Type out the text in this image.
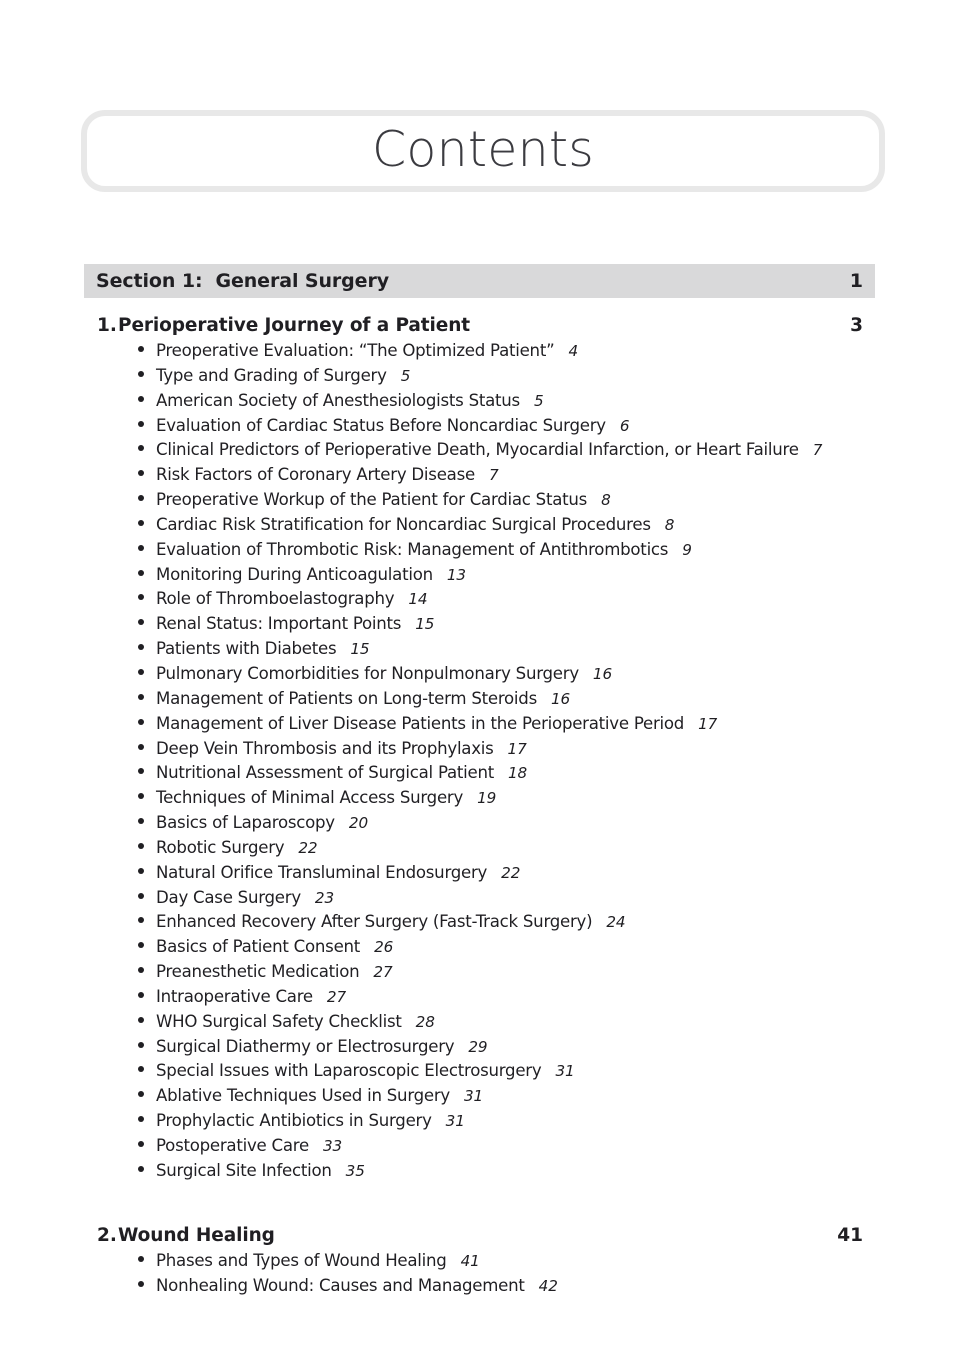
Contents
Section 1:  General Surgery	1
1. Perioperative Journey of a Patient	3
Preoperative Evaluation: “The Optimized Patient” 4
Type and Grading of Surgery 5
American Society of Anesthesiologists Status 5
Evaluation of Cardiac Status Before Noncardiac Surgery 6
Clinical Predictors of Perioperative Death, Myocardial Infarction, or Heart Failure 7
Risk Factors of Coronary Artery Disease 7
Preoperative Workup of the Patient for Cardiac Status 8
Cardiac Risk Stratification for Noncardiac Surgical Procedures 8
Evaluation of Thrombotic Risk: Management of Antithrombotics 9
Monitoring During Anticoagulation 13
Role of Thromboelastography 14
Renal Status: Important Points 15
Patients with Diabetes 15
Pulmonary Comorbidities for Nonpulmonary Surgery 16
Management of Patients on Long-term Steroids 16
Management of Liver Disease Patients in the Perioperative Period 17
Deep Vein Thrombosis and its Prophylaxis 17
Nutritional Assessment of Surgical Patient 18
Techniques of Minimal Access Surgery 19
Basics of Laparoscopy 20
Robotic Surgery 22
Natural Orifice Transluminal Endosurgery 22
Day Case Surgery 23
Enhanced Recovery After Surgery (Fast-Track Surgery) 24
Basics of Patient Consent 26
Preanesthetic Medication 27
Intraoperative Care 27
WHO Surgical Safety Checklist 28
Surgical Diathermy or Electrosurgery 29
Special Issues with Laparoscopic Electrosurgery 31
Ablative Techniques Used in Surgery 31
Prophylactic Antibiotics in Surgery 31
Postoperative Care 33
Surgical Site Infection 35
2. Wound Healing	41
Phases and Types of Wound Healing 41
Nonhealing Wound: Causes and Management 42
